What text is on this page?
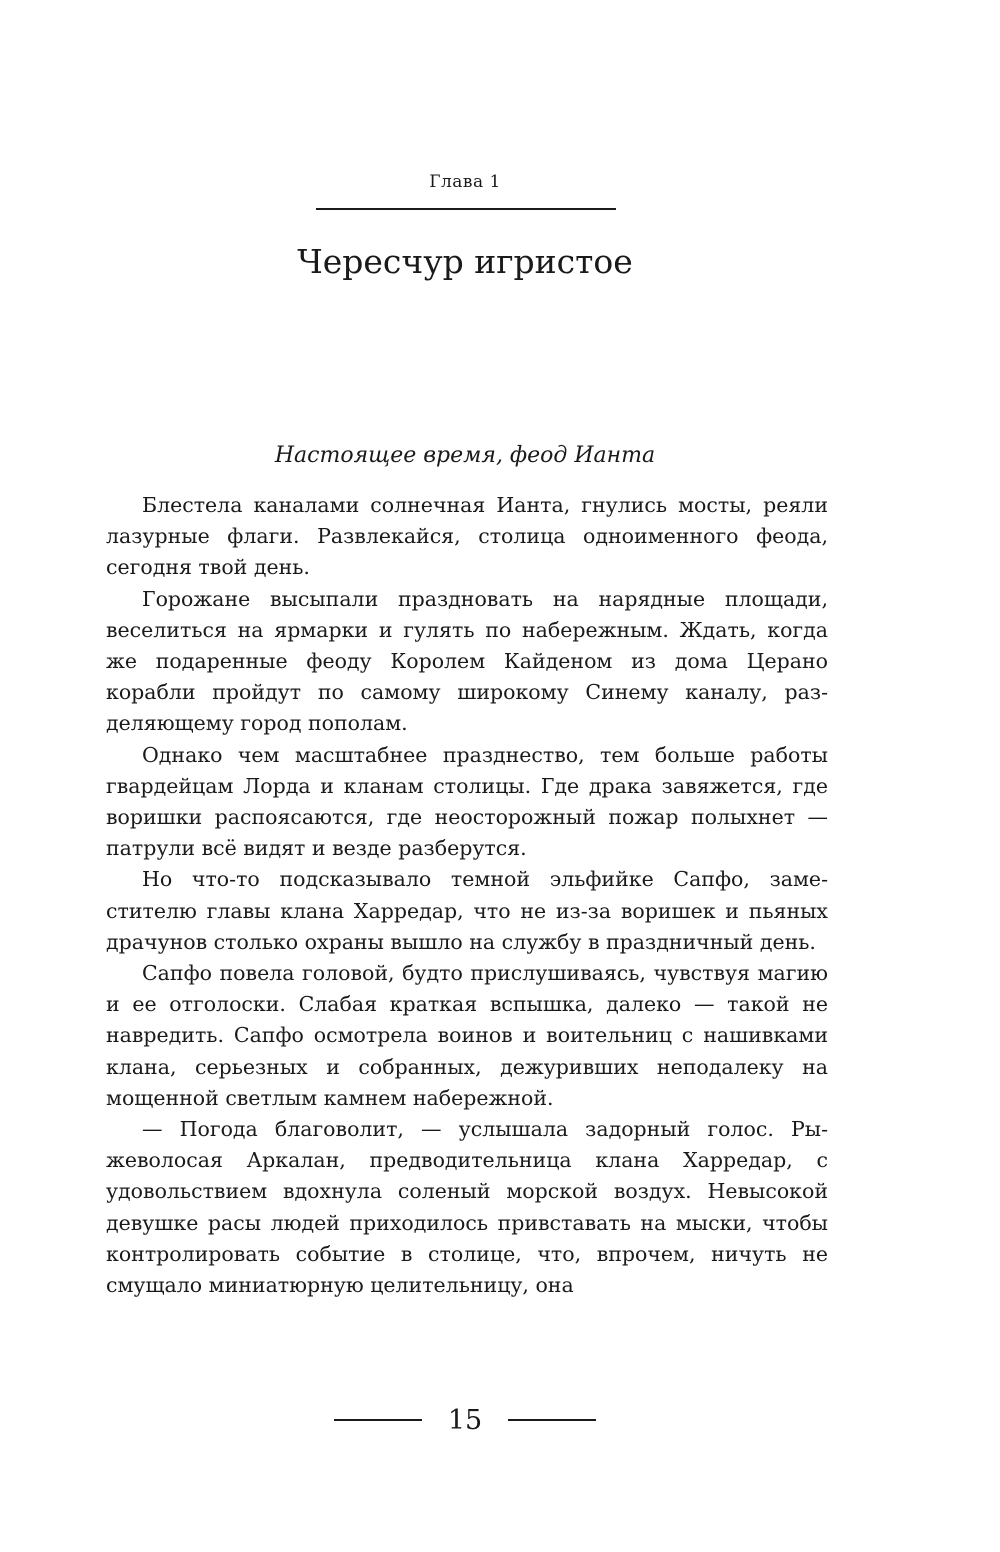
Глава 1
Чересчур игристое
Настоящее время, феод Ианта

Блестела каналами солнечная Ианта, гнулись мосты, реяли лазурные флаги. Развлекайся, столица одноименного феода, сегодня твой день.

Горожане высыпали праздновать на нарядные площади, веселиться на ярмарки и гулять по набережным. Ждать, когда же подаренные феоду Королем Кайденом из дома Церано корабли пройдут по самому широкому Синему каналу, разделяющему город пополам.

Однако чем масштабнее празднество, тем больше работы гвардейцам Лорда и кланам столицы. Где драка завяжется, где воришки распоясаются, где неосторожный пожар полыхнет — патрули всё видят и везде разберутся.

Но что-то подсказывало темной эльфийке Сапфо, заместителю главы клана Харредар, что не из-за воришек и пьяных драчунов столько охраны вышло на службу в праздничный день.

Сапфо повела головой, будто прислушиваясь, чувствуя магию и ее отголоски. Слабая краткая вспышка, далеко — такой не навредить. Сапфо осмотрела воинов и воительниц с нашивками клана, серьезных и собранных, дежуривших неподалеку на мощенной светлым камнем набережной.

— Погода благоволит, — услышала задорный голос. Рыжеволосая Аркалан, предводительница клана Харредар, с удовольствием вдохнула соленый морской воздух. Невысокой девушке расы людей приходилось привставать на мыски, чтобы контролировать событие в столице, что, впрочем, ничуть не смущало миниатюрную целительницу, она

15
